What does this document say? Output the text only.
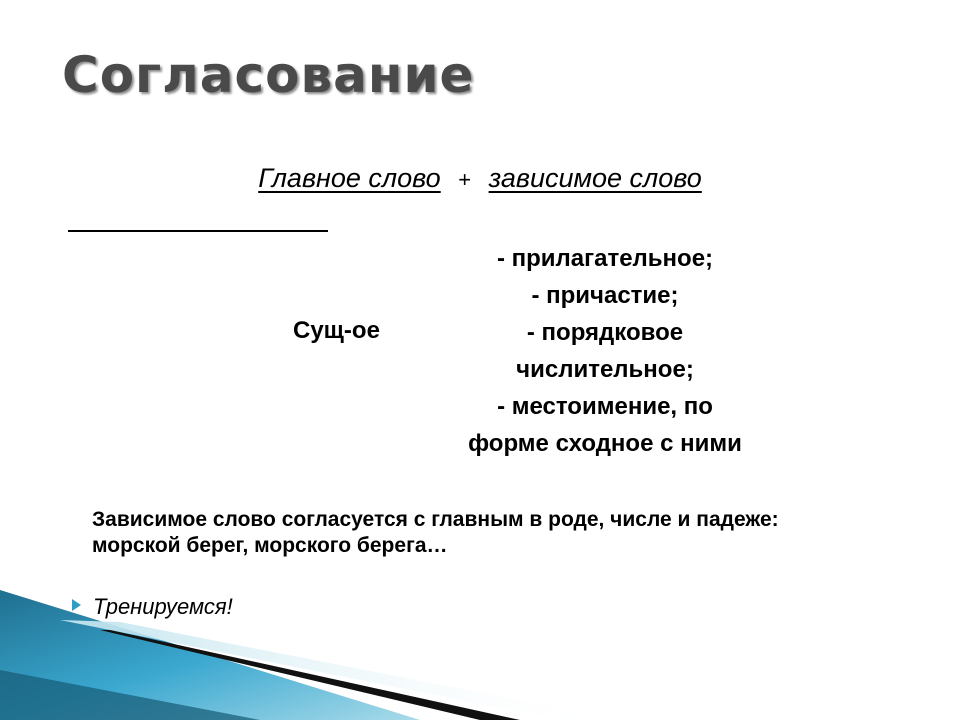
Согласование
Главное слово + зависимое слово
Сущ-ое
- прилагательное;
- причастие;
- порядковое
числительное;
- местоимение, по
форме сходное с ними
Зависимое слово согласуется с главным в роде, числе и падеже: морской берег, морского берега…
Тренируемся!
